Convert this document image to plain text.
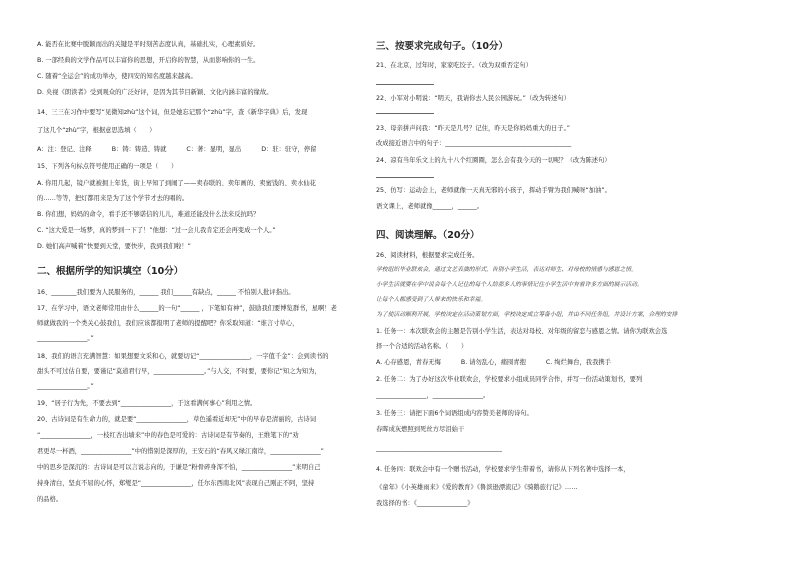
A. 能否在比赛中脱颖而出的关键是平时刻苦态度认真，基础扎实，心理素质好。
B. 一部经典的文学作品可以丰富你的思想，开启你的智慧，从而影响你的一生。
C. 随着“全运会”的成功举办，使四安的知名度越来越高。
D. 央视《朗读者》受到观众的广泛好评，是因为其节目新颖、文化内涵丰富的缘故。
14、三三在习作中要写“见微知zhù”这个词，但是她忘记那个“zhù”字，查《新华字典》后，发现
了这几个“zhù”字，根据意思选填（　　）
A：注：登记、注释	B：铸：铸造、铸就	C：著：显明，显出	D：驻：驻守，停留
15、下列各句标点符号使用正确的一项是（　　）
A. 你用几起，镜户就被拥上年货，街上早知了到闹了——卖春联的、卖年画的、卖蜜饯的、卖水仙花
的……等等，把灯都用来是为了这个学节才去的唱的。
B. 你们想，妈妈的命令，看手还不够诺信的儿儿，难道还能没什么法来反抗吗？
C. “这大爱是一场梦，真的梦到一下了！”他想：“过一会儿我肯定还会再变成一个人。”
D. 她们高声喊着“快要到天堂，要快步，我到我们啦！”
二、根据所学的知识填空（10分）
16、________我们要为人民服务的，______ 我们______有缺点，______ 不怕别人批评指出。
17、在学习中，语文老师常用由什么______的一句“______ ，下笔如有神”，鼓励我们要博览群书，星啊！老
师就做我的一个类关心鼓我们，我们应该都报明了老师的提醒吧？你采取知道：“谁言寸草心，
________________。”
18、我们的语言充满智慧：如果想要文采和心，就要切记“________________，一字值千金”：会到读书的
甜头不可过估自要，要谨记“莫道君行早，________________。”与人交，不时要，要你记“知之为知为，
________________。”
19、“居子行为先，不要去到“________________，于这看满何事心”利用之情。
20、古诗词是有生命力的，就是要“________________，草色遥看近却无”中的早春是清丽的，古诗词
“________________，一枝红杏出墙来”中的春色是可爱的：古诗词是有节奏的，王维笔下的“劝
君更尽一杯酒，________________”中的惜别是深厚的，王安石的“春风又绿江南岸，________________”
中的思乡是深沉的：古诗词是可以言说志向的，于谦是“粉骨碎身浑不怕，________________”来明自己
持身清白，坚贞不屈的心怀，郑燮是“________________，任尔东西南北风”表现自己刚正不阿，坚持
的品格。
三、按要求完成句子。（10分）
21、在北京，过年时，家家吃饺子。（改为双重否定句）
22、小军对小明说：“明天，我请你去人民公园游玩。”（改为转述句）
23、母亲拼声问我：“昨天是几号？记住，昨天是你妈妈重大的日子。”
改成接近语言中的句子：________________________________________
24、凉有当年乐文上的九十八个红圈圈，怎么会有我今天的一切呢？（改为陈述句）
25、仿写：运动会上，老师就像一天真无邪的小孩子，挥动手臂为我们喊呀“加油”。
语文课上，老师就像______，______。
四、阅读理解。（20分）
26、阅读材料，根据要求完成任务。
学校组织毕业联欢会，通过文艺表演的形式，告别小学生活，表达对师生、对母校的情感与感恩之情。
小学生活就要在学中说会每个人记住的每个人给那多人的事情记住小学生活中有着许多方面的展示活动。
让每个人都感受到了人带来的快乐和幸福。
为了使活动顺利开展，学校决定在活动策划方面，学校决定成立筹备小组，并由不同任务组，并设计方案，合理的安排
1. 任务一：本次联欢会的主题是告别小学生活，表达对母校、对年级的留恋与感恩之情。请你为联欢会选
择一个合适的活动名称。（　　）
A. 心存感恩，青春无悔	B. 请勿乱心，痛囤青抱	C. 绚烂舞台，我我携手
2. 任务二：为了办好这次毕业联欢会，学校要求小组成员同学合作，并写一份活动策划书，要列
________________，________________。
3. 任务三：请把下面6个词语组成内容赞美老师的诗句。
春晖成灰燃照到死丝方尽泪始干
________________________________________
4. 任务四：联欢会中有一个赠书活动，学校要求学生带着书，请你从下列名著中选择一本，
《童年》《小英雄雨来》《爱的教育》《鲁滨逊漂流记》《骑鹅旅行记》……
我选择的书：《________________》
